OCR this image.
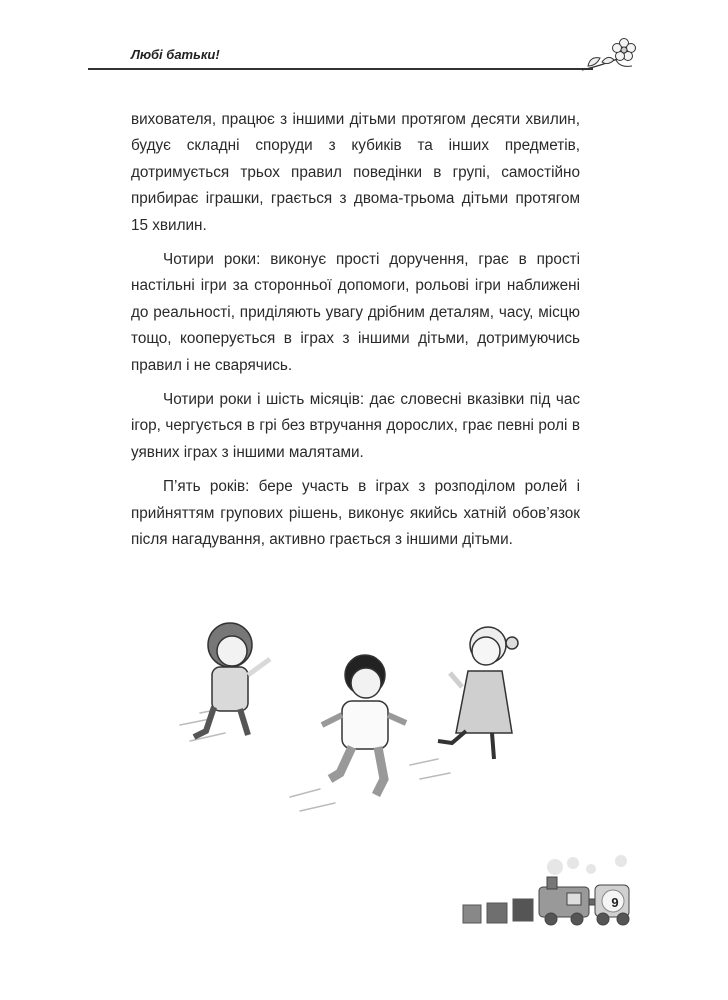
Любі батьки!

вихователя, працює з іншими дітьми протягом десяти хвилин, будує складні споруди з кубиків та інших предметів, дотримується трьох правил поведінки в групі, самостійно прибирає іграшки, грається з двома-трьома дітьми протягом 15 хвилин.

Чотири роки: виконує прості доручення, грає в прості настільні ігри за сторонньої допомоги, рольові ігри наближені до реальності, приділяють увагу дрібним деталям, часу, місцю тощо, кооперується в іграх з іншими дітьми, дотримуючись правил і не сварячись.

Чотири роки і шість місяців: дає словесні вказівки під час ігор, чергується в грі без втручання дорослих, грає певні ролі в уявних іграх з іншими малятами.

П’ять років: бере участь в іграх з розподілом ролей і прийняттям групових рішень, виконує якийсь хатній обов’язок після нагадування, активно грається з іншими дітьми.

9
